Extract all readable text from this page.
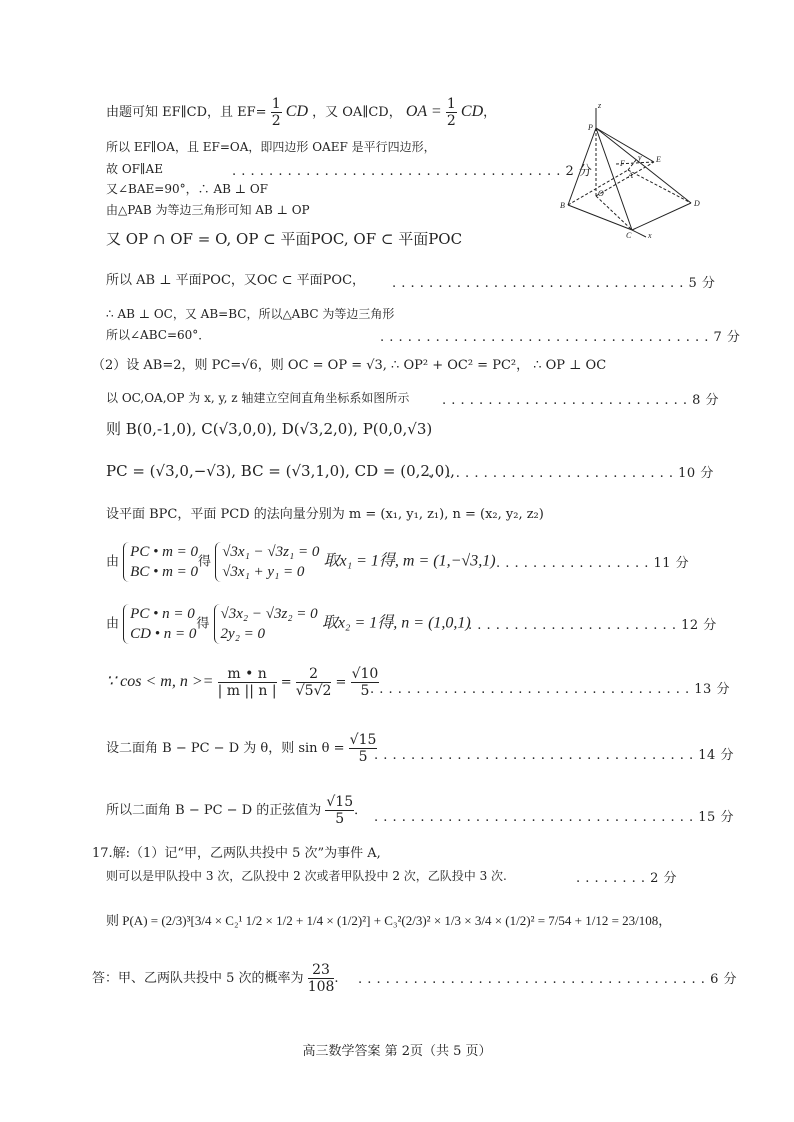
由题可知 EF∥CD，且 $EF= \frac{1}{2}$ CD ，又 OA∥CD， OA = $\frac{1}{2}$ CD，
所以 EF∥OA，且 EF=OA，即四边形 OAEF 是平行四边形，
故 OF∥AE	. . . . . . . . . . . . . . . . . . . . . . . . . . . . . . . . . . . . 2 分
又∠BAE=90°，∴ AB ⊥ OF
由△PAB 为等边三角形可知 AB ⊥ OP
又 OP ∩ OF = O, OP ⊂ 平面POC, OF ⊂ 平面POC
所以 AB ⊥ 平面POC，又OC ⊂ 平面POC， . . . . . . . . . . . . . . . . . . . . . . . . . . . . . . . . 5 分
∴ AB ⊥ OC，又 AB=BC，所以△ABC 为等边三角形
所以∠ABC=60°．	. . . . . . . . . . . . . . . . . . . . . . . . . . . . . . . . . . . . 7 分
（2）设 AB=2，则 PC=√6，则 OC = OP = √3, ∴ OP² + OC² = PC²， ∴ OP ⊥ OC
以 OC,OA,OP 为 x, y, z 轴建立空间直角坐标系如图所示	. . . . . . . . . . . . . . . . . . . . . . . . . . . 8 分
则 B(0,-1,0), C(√3,0,0), D(√3,2,0), P(0,0,√3)
PC = (√3,0,−√3), BC = (√3,1,0), CD = (0,2,0),
. . . . . . . . . . . . . . . . . . . . . . . . . . . 10 分
设平面 BPC，平面 PCD 的法向量分别为 m = (x₁, y₁, z₁), n = (x₂, y₂, z₂)
由 PC • m = 0
BC • m = 0得 √3x₁ − √3z₁ = 0
√3x₁ + y₁ = 0 取x₁ = 1得, m = (1,−√3,1) . . . . . . . . . . . . . . . . . 11 分
由 PC • n = 0
CD • n = 0得 √3x₂ − √3z₂ = 0
2y₂ = 0 取x₂ = 1得, n = (1,0,1)
. . . . . . . . . . . . . . . . . . . . . . . 12 分
∵ cos < m, $n >= \frac{m • n}{| m || n |} = \frac{2}{√5√2} = \frac{√10}{5}$
. . . . . . . . . . . . . . . . . . . . . . . . . . . . . . . . . . . 13 分
设二面角 B − PC − D 为 θ，则 $\sin \theta = \frac{√15}{5}$
. . . . . . . . . . . . . . . . . . . . . . . . . . . . . . . . . . . 14 分
所以二面角 B − PC − D 的正弦值为 $\frac{√15}{5}$ ． . . . . . . . . . . . . . . . . . . . . . . . . . . . . . . . . . . . 15 分
17.解:（1）记“甲，乙两队共投中 5 次”为事件 A,
则可以是甲队投中 3 次，乙队投中 2 次或者甲队投中 2 次，乙队投中 3 次.	. . . . . . . . 2 分
则 P(A) = (2/3)³[3/4 × C₂¹ 1/2 × 1/2 + 1/4 × (1/2)²] + C₃²(2/3)² × 1/3 × 3/4 × (1/2)² = 7/54 + 1/12 = 23/108，
答：甲、乙两队共投中 5 次的概率为 $\frac{23}{108}$ . . . . . . . . . . . . . . . . . . . . . . . . . . . . . . . . . . . . . . . 6 分
高三数学答案 第 2页（共 5 页）
z
P
E
F
A
y
O
B	D
C x
